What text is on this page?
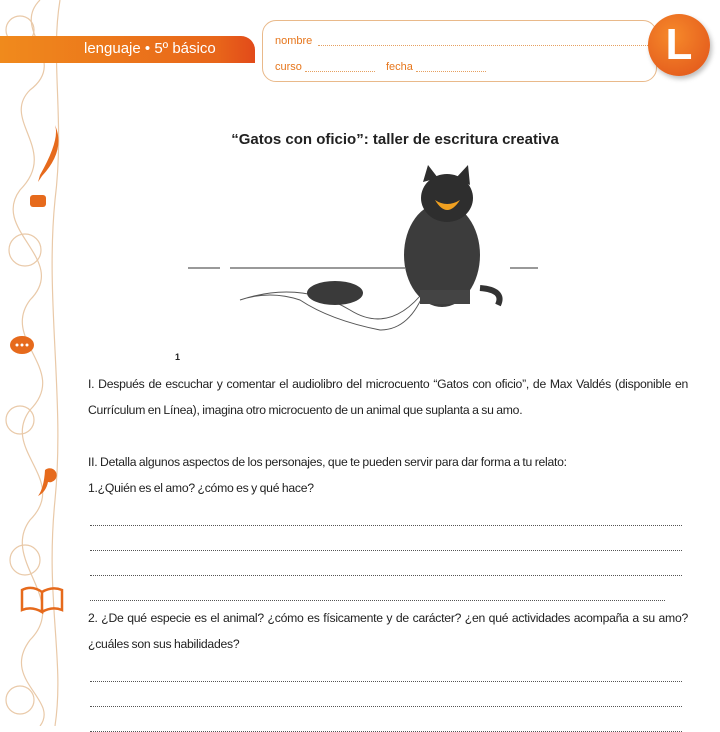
lenguaje • 5º básico	nombre
curso	fecha	L
“Gatos con oficio”: taller de escritura creativa
1

I. Después de escuchar y comentar el audiolibro del microcuento “Gatos con oficio”, de Max Valdés (disponible en Currículum en Línea), imagina otro microcuento de un animal que suplanta a su amo.

II. Detalla algunos aspectos de los personajes, que te pueden servir para dar forma a tu relato:

1.¿Quién es el amo? ¿cómo es y qué hace?

2. ¿De qué especie es el animal? ¿cómo es físicamente y de carácter? ¿en qué actividades acompaña a su amo? ¿cuáles son sus habilidades?
